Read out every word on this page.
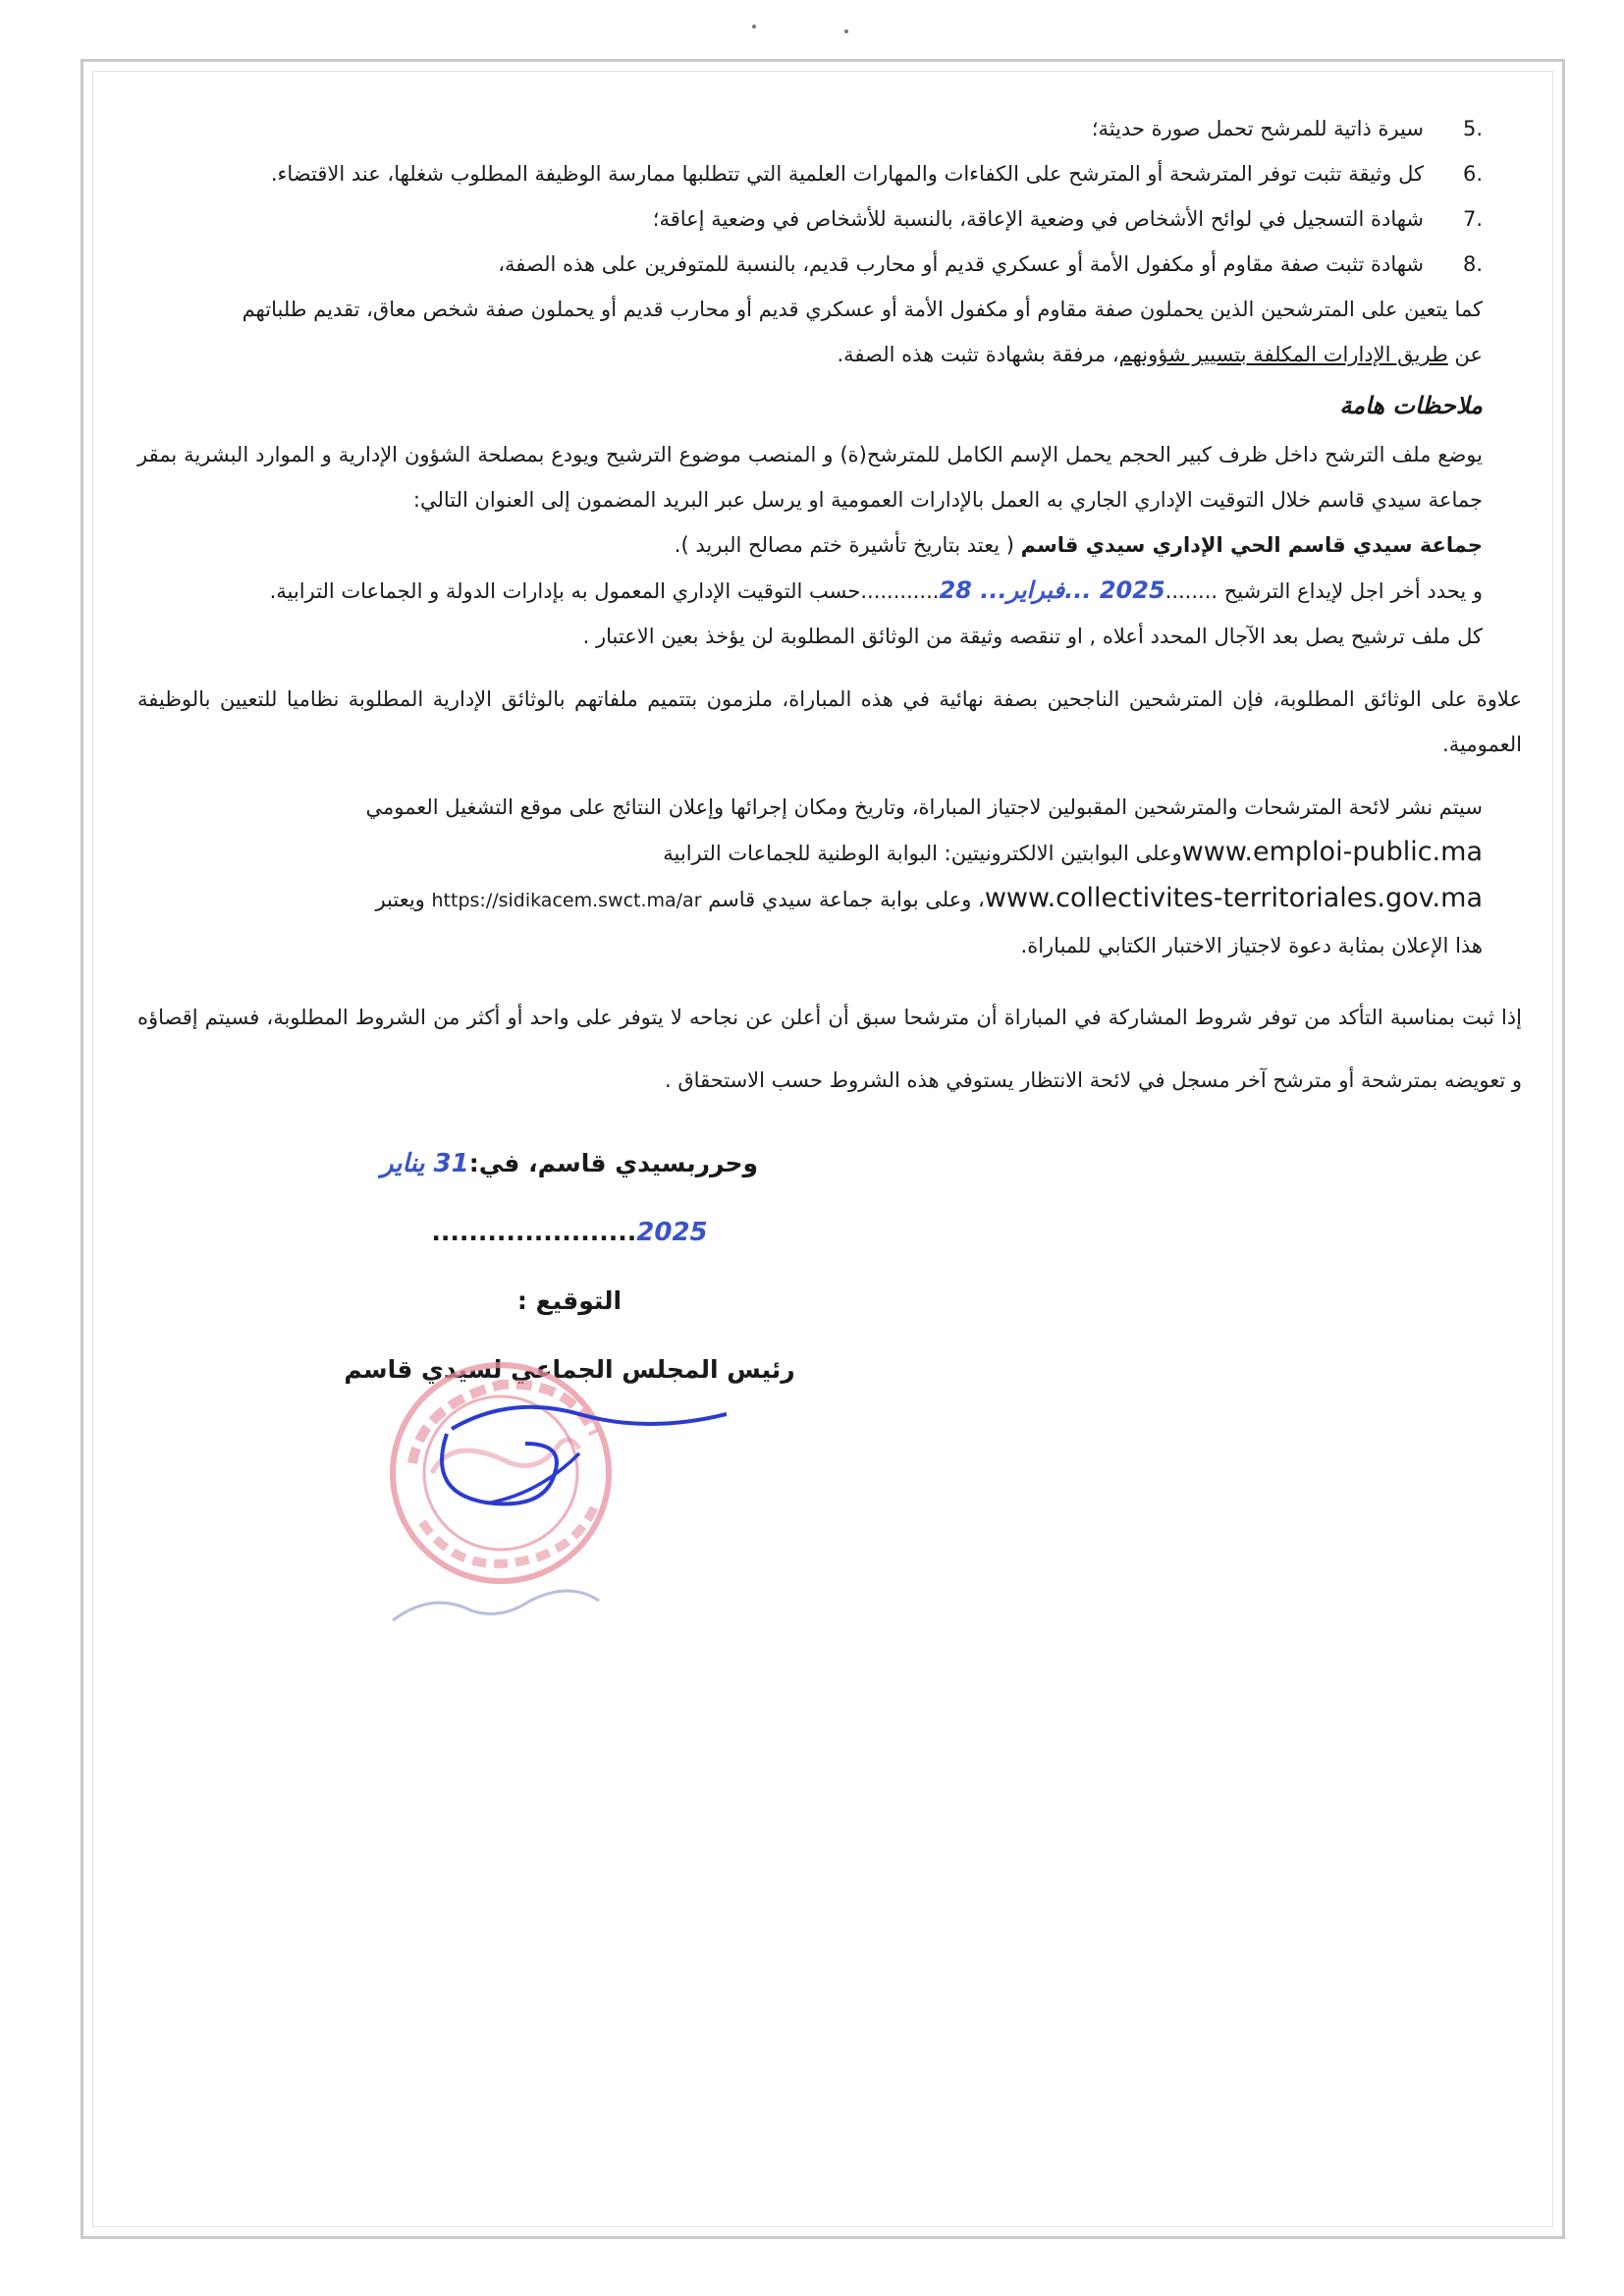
5.
سيرة ذاتية للمرشح تحمل صورة حديثة؛
6.
كل وثيقة تثبت توفر المترشحة أو المترشح على الكفاءات والمهارات العلمية التي تتطلبها ممارسة الوظيفة المطلوب شغلها، عند الاقتضاء.
7.
شهادة التسجيل في لوائح الأشخاص في وضعية الإعاقة، بالنسبة للأشخاص في وضعية إعاقة؛
8.
شهادة تثبت صفة مقاوم أو مكفول الأمة أو عسكري قديم أو محارب قديم، بالنسبة للمتوفرين على هذه الصفة،

كما يتعين على المترشحين الذين يحملون صفة مقاوم أو مكفول الأمة أو عسكري قديم أو محارب قديم أو يحملون صفة شخص معاق، تقديم طلباتهم

عن طريق الإدارات المكلفة بتسيير شؤونهم، مرفقة بشهادة تثبت هذه الصفة.

ملاحظات هامة

يوضع ملف الترشح داخل ظرف كبير الحجم يحمل الإسم الكامل للمترشح(ة) و المنصب موضوع الترشيح ويودع بمصلحة الشؤون الإدارية و الموارد البشرية بمقر جماعة سيدي قاسم خلال التوقيت الإداري الجاري به العمل بالإدارات العمومية او يرسل عبر البريد المضمون إلى العنوان التالي:

جماعة سيدي قاسم الحي الإداري سيدي قاسم ( يعتد بتاريخ تأشيرة ختم مصالح البريد ).

و يحدد أخر اجل لإيداع الترشيح ........2025 ...فبراير... 28............حسب التوقيت الإداري المعمول به بإدارات الدولة و الجماعات الترابية.

كل ملف ترشيح يصل بعد الآجال المحدد أعلاه , او تنقصه وثيقة من الوثائق المطلوبة لن يؤخذ بعين الاعتبار .

علاوة على الوثائق المطلوبة، فإن المترشحين الناجحين بصفة نهائية في هذه المباراة، ملزمون بتتميم ملفاتهم بالوثائق الإدارية المطلوبة نظاميا للتعيين بالوظيفة العمومية.

سيتم نشر لائحة المترشحات والمترشحين المقبولين لاجتياز المباراة، وتاريخ ومكان إجرائها وإعلان النتائج على موقع التشغيل العمومي

www.emploi-public.maوعلى البوابتين الالكترونيتين: البوابة الوطنية للجماعات الترابية

www.collectivites-territoriales.gov.ma، وعلى بوابة جماعة سيدي قاسم https://sidikacem.swct.ma/ar ويعتبر

هذا الإعلان بمثابة دعوة لاجتياز الاختبار الكتابي للمباراة.

إذا ثبت بمناسبة التأكد من توفر شروط المشاركة في المباراة أن مترشحا سبق أن أعلن عن نجاحه لا يتوفر على واحد أو أكثر من الشروط المطلوبة، فسيتم إقصاؤه و تعويضه بمترشحة أو مترشح آخر مسجل في لائحة الانتظار يستوفي هذه الشروط حسب الاستحقاق .

وحرربسيدي قاسم، في:31 يناير 2025......................
التوقيع :
رئيس المجلس الجماعي لسيدي قاسم
